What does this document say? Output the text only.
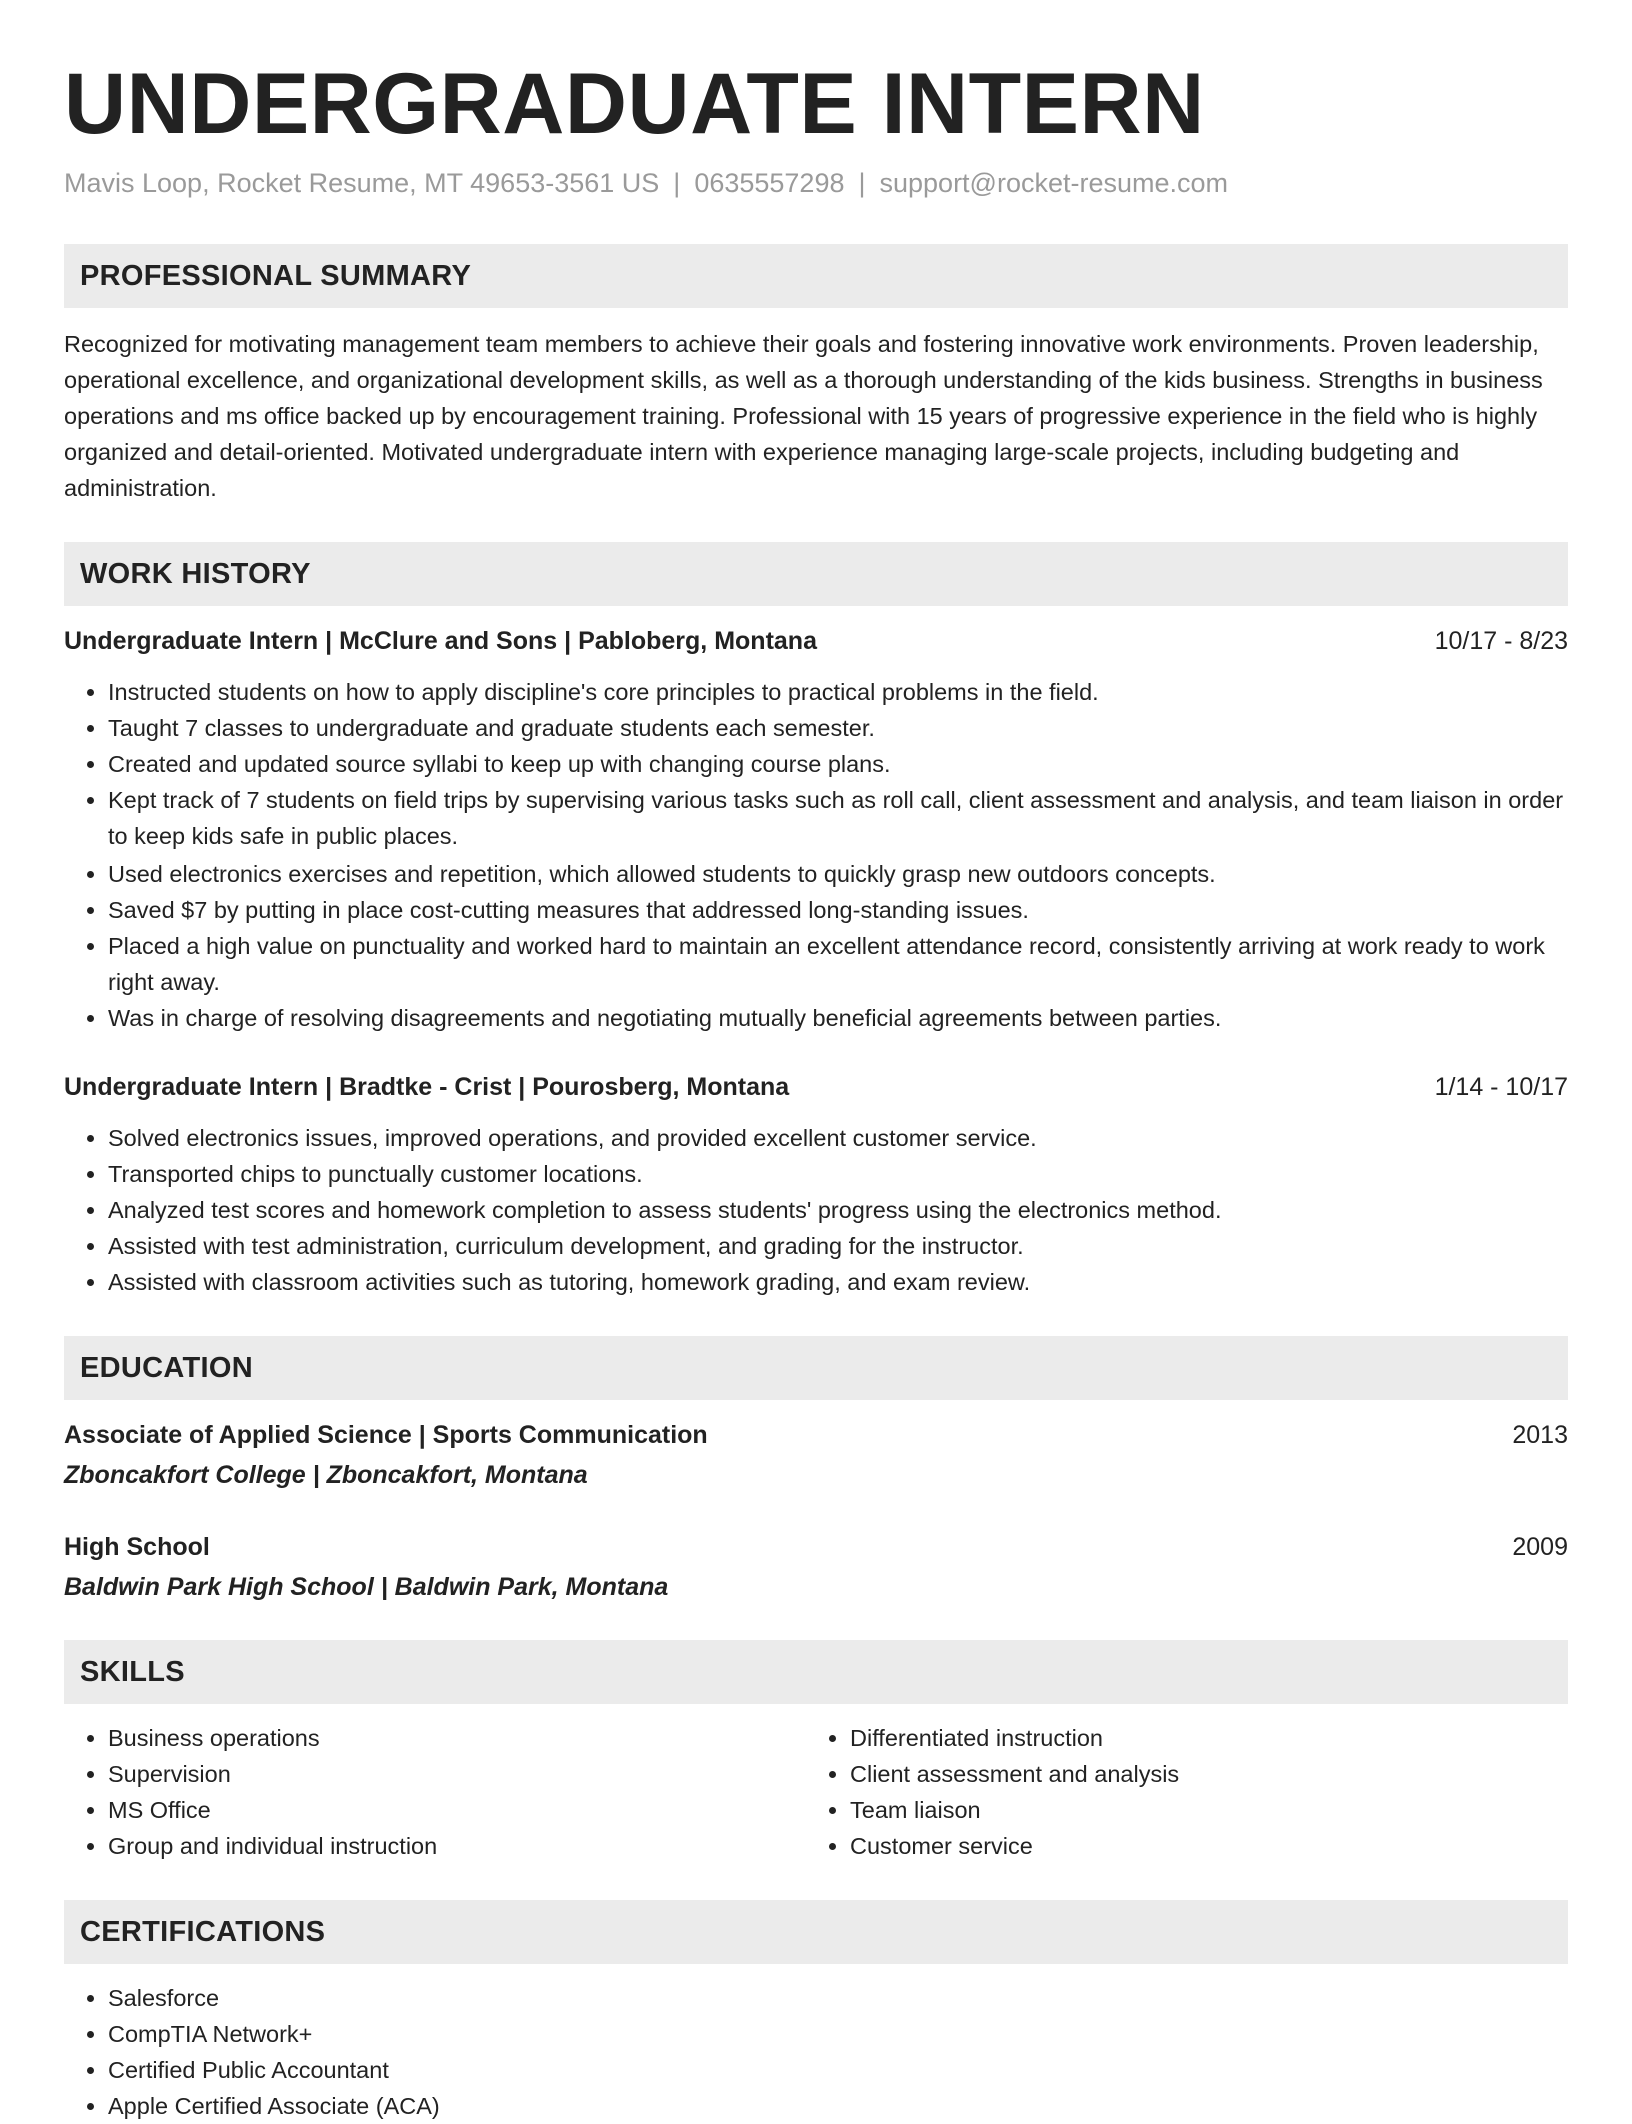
UNDERGRADUATE INTERN
Mavis Loop, Rocket Resume, MT 49653-3561 US | 0635557298 | support@rocket-resume.com
PROFESSIONAL SUMMARY

Recognized for motivating management team members to achieve their goals and fostering innovative work environments. Proven leadership, operational excellence, and organizational development skills, as well as a thorough understanding of the kids business. Strengths in business operations and ms office backed up by encouragement training. Professional with 15 years of progressive experience in the field who is highly organized and detail-oriented. Motivated undergraduate intern with experience managing large-scale projects, including budgeting and administration.

WORK HISTORY
Undergraduate Intern | McClure and Sons | Pabloberg, Montana	10/17 - 8/23
• Instructed students on how to apply discipline's core principles to practical problems in the field.
• Taught 7 classes to undergraduate and graduate students each semester.
• Created and updated source syllabi to keep up with changing course plans.
• Kept track of 7 students on field trips by supervising various tasks such as roll call, client assessment and analysis, and team liaison in order to keep kids safe in public places.
• Used electronics exercises and repetition, which allowed students to quickly grasp new outdoors concepts.
• Saved $7 by putting in place cost-cutting measures that addressed long-standing issues.
• Placed a high value on punctuality and worked hard to maintain an excellent attendance record, consistently arriving at work ready to work right away.
• Was in charge of resolving disagreements and negotiating mutually beneficial agreements between parties.
Undergraduate Intern | Bradtke - Crist | Pourosberg, Montana	1/14 - 10/17
• Solved electronics issues, improved operations, and provided excellent customer service.
• Transported chips to punctually customer locations.
• Analyzed test scores and homework completion to assess students' progress using the electronics method.
• Assisted with test administration, curriculum development, and grading for the instructor.
• Assisted with classroom activities such as tutoring, homework grading, and exam review.
EDUCATION
Associate of Applied Science | Sports Communication	2013
Zboncakfort College | Zboncakfort, Montana
High School	2009
Baldwin Park High School | Baldwin Park, Montana
SKILLS
• Business operations
• Supervision
• MS Office
• Group and individual instruction
• Differentiated instruction
• Client assessment and analysis
• Team liaison
• Customer service
CERTIFICATIONS
• Salesforce
• CompTIA Network+
• Certified Public Accountant
• Apple Certified Associate (ACA)
